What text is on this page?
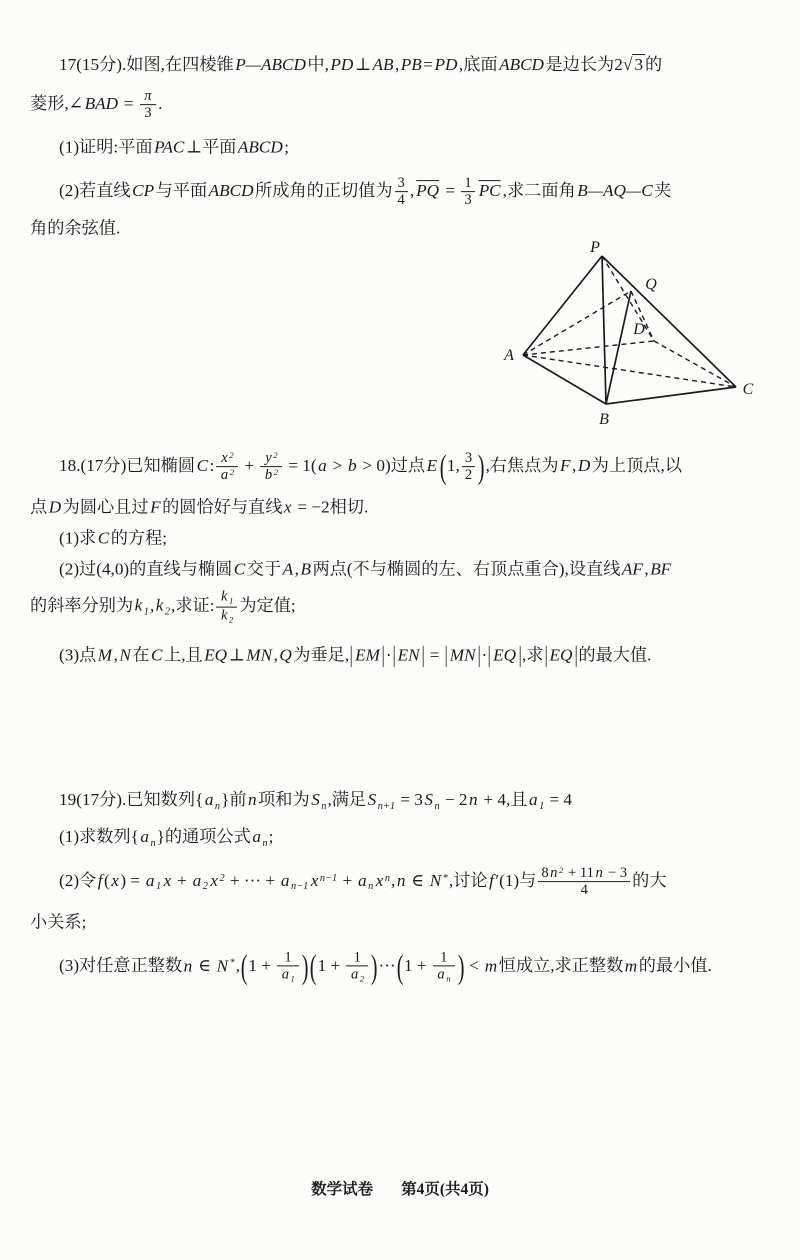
17(15分).如图,在四棱锥P—ABCD中,PD⊥AB,PB=PD,底面ABCD是边长为2√ 3 的
菱形,∠BAD = $\frac{\pi}{3}$ .
(1)证明:平面PAC⊥平面ABCD;
(2)若直线CP与平面ABCD所成角的正切值为 $\frac{3}{4}$ , $\overline{PQ} = \frac{1}{3} \overline{PC}$ ,求二面角B—AQ—C夹
角的余弦值.
18.(17分)已知椭圆C: $\frac{x ^2}{a ^2} + \frac{y ^2}{b ^2} = 1(a > b > 0)$过点E (1, $\frac{3}{2}$ ),右焦点为F,D为上顶点,以
点D为圆心且过F的圆恰好与直线x = −2相切.
(1)求C的方程;
(2)过(4,0)的直线与椭圆C交于A,B两点(不与椭圆的左、右顶点重合),设直线AF,BF
的斜率分别为k $_1$,k $_2$,求证: $\frac{k _1}{k _2}$ 为定值;
(3)点M,N在C上,且EQ⊥MN,Q为垂足,| EM |·| EN | = | MN |·| EQ |,求| EQ |的最大值.
19(17分).已知数列{a $_n$}前n项和为S $_n$,满足S $_{n+1}$ = 3S $_n$ − 2n + 4,且a $_1$ = 4
(1)求数列{a $_n$}的通项公式a $_n$;
(2)令f(x) = a $_1$ x + a $_2$ x $^2$ + ··· + a $_{n-1}$ x $^{n-1}$ + a $_n$ x $^n$,n ∈ N *,讨论f′(1)与 $\frac{8 n ^2 + 11 n - 3}{4}$ 的大
小关系;
(3)对任意正整数n ∈ N $^*,(1 + \frac{1}{a _1} )(1 + \frac{1}{a _2} )\cdot\cdot\cdot(1 + \frac{1}{a _n}$ ) < m恒成立,求正整数m的最小值.
P
Q
D
A
B
C
数学试卷 第4页(共4页)
